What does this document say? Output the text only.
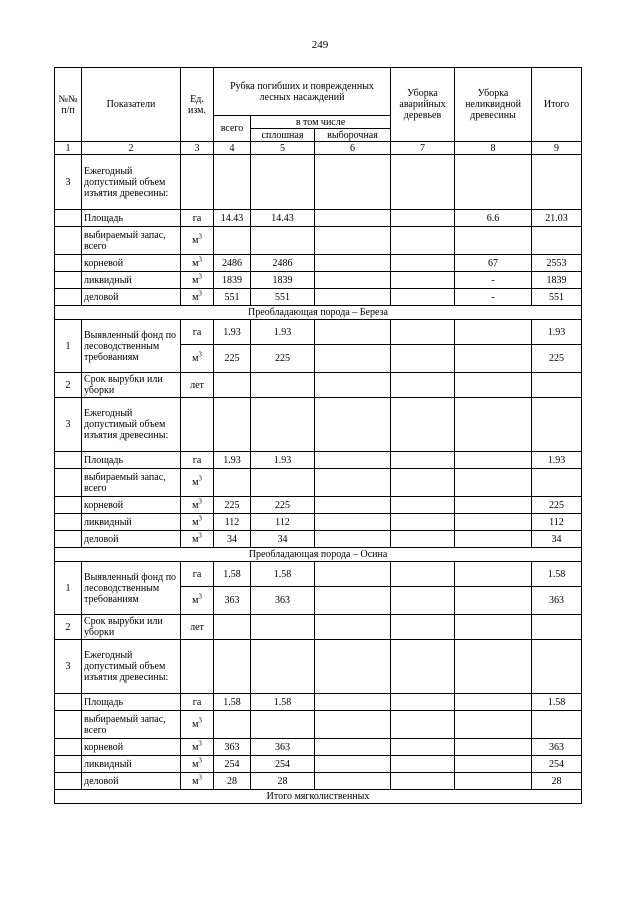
249
№№ п/п	Показатели	Ед. изм.	Рубка погибших и поврежденных лесных насаждений			Уборка аварийных деревьев	Уборка неликвидной древесины	Итого
			всего	в том числе				
				сплошная	выборочная			
1	2	3	4	5	6	7	8	9
3	Ежегодный допустимый объем изъятия древесины:							
	Площадь	га	14.43	14.43			6.6	21.03
	выбираемый запас, всего	$м^3$						
	корневой	$м^3$	2486	2486			67	2553
	ликвидный	$м^3$	1839	1839			-	1839
	деловой	$м^3$	551	551			-	551
Преобладающая порода – Береза								
1	Выявленный фонд по лесоводственным требованиям	га	1.93	1.93				1.93
		$м^3$	225	225				225
2	Срок вырубки или уборки	лет						
3	Ежегодный допустимый объем изъятия древесины:							
	Площадь	га	1.93	1.93				1.93
	выбираемый запас, всего	$м^3$						
	корневой	$м^3$	225	225				225
	ликвидный	$м^3$	112	112				112
	деловой	$м^3$	34	34				34
Преобладающая порода – Осина								
1	Выявленный фонд по лесоводственным требованиям	га	1.58	1.58				1.58
		$м^3$	363	363				363
2	Срок вырубки или уборки	лет						
3	Ежегодный допустимый объем изъятия древесины:							
	Площадь	га	1.58	1.58				1.58
	выбираемый запас, всего	$м^3$						
	корневой	$м^3$	363	363				363
	ликвидный	$м^3$	254	254				254
	деловой	$м^3$	28	28				28
Итого мягколиственных								
